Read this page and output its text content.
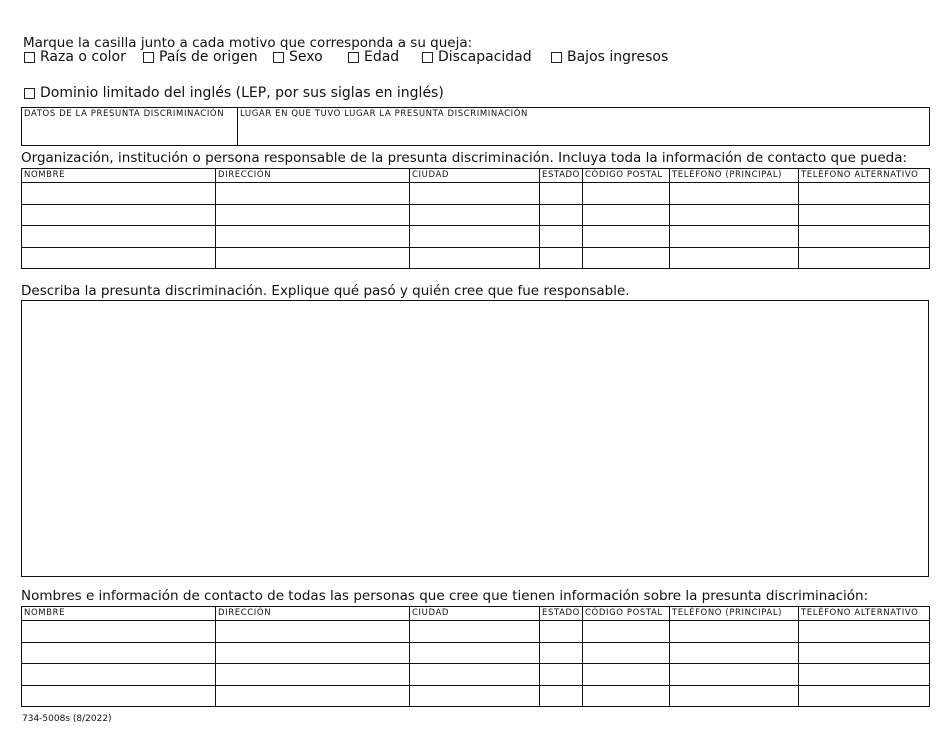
Marque la casilla junto a cada motivo que corresponda a su queja:
Raza o color País de origen Sexo	Edad	Discapacidad	Bajos ingresos
Dominio limitado del inglés (LEP, por sus siglas en inglés)
DATOS DE LA PRESUNTA DISCRIMINACIÓN	LUGAR EN QUE TUVO LUGAR LA PRESUNTA DISCRIMINACIÓN
Organización, institución o persona responsable de la presunta discriminación. Incluya toda la información de contacto que pueda:
NOMBRE	DIRECCIÓN	CIUDAD	ESTADO	CÓDIGO POSTAL	TELÉFONO (PRINCIPAL)	TELÉFONO ALTERNATIVO

Describa la presunta discriminación. Explique qué pasó y quién cree que fue responsable.
Nombres e información de contacto de todas las personas que cree que tienen información sobre la presunta discriminación:
NOMBRE	DIRECCIÓN	CIUDAD	ESTADO	CÓDIGO POSTAL	TELÉFONO (PRINCIPAL)	TELÉFONO ALTERNATIVO

734-5008s (8/2022)
